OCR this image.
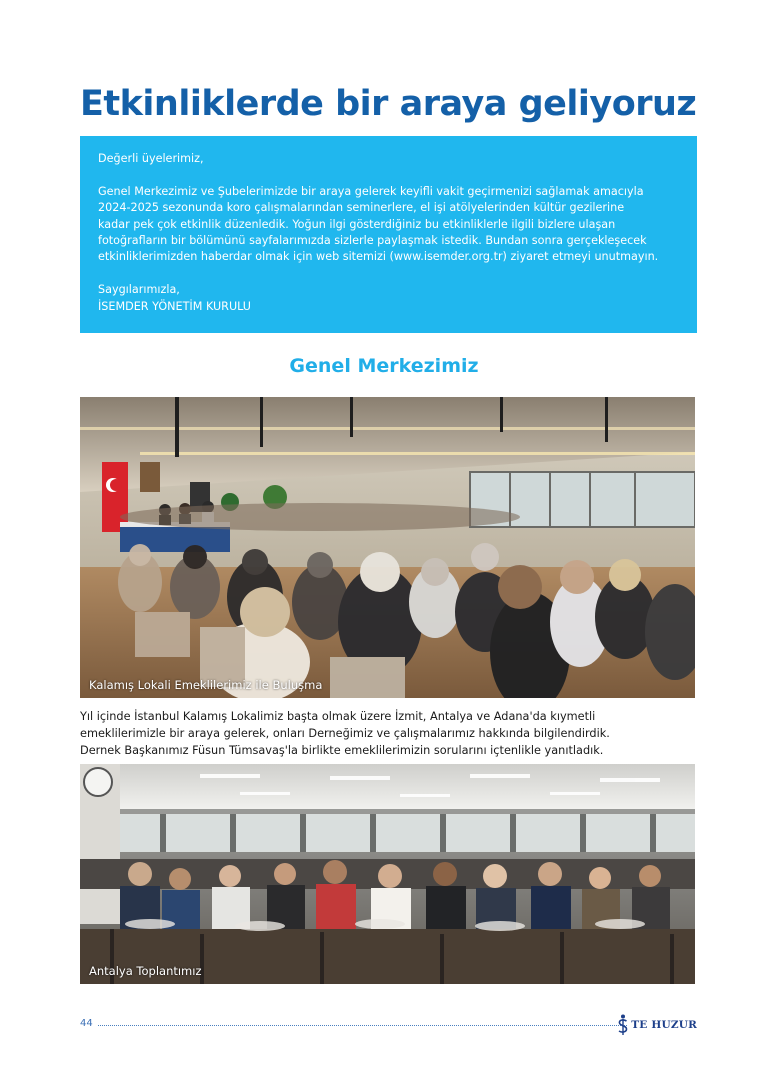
Etkinliklerde bir araya geliyoruz

Değerli üyelerimiz,

Genel Merkezimiz ve Şubelerimizde bir araya gelerek keyifli vakit geçirmenizi sağlamak amacıyla

2024-2025 sezonunda koro çalışmalarından seminerlere, el işi atölyelerinden kültür gezilerine

kadar pek çok etkinlik düzenledik. Yoğun ilgi gösterdiğiniz bu etkinliklerle ilgili bizlere ulaşan

fotoğrafların bir bölümünü sayfalarımızda sizlerle paylaşmak istedik. Bundan sonra gerçekleşecek

etkinliklerimizden haberdar olmak için web sitemizi (www.isemder.org.tr) ziyaret etmeyi unutmayın.

Saygılarımızla,

İSEMDER YÖNETİM KURULU

Genel Merkezimiz
Kalamış Lokali Emeklilerimiz ile Buluşma

Yıl içinde İstanbul Kalamış Lokalimiz başta olmak üzere İzmit, Antalya ve Adana'da kıymetli
emeklilerimizle bir araya gelerek, onları Derneğimiz ve çalışmalarımız hakkında bilgilendirdik.
Dernek Başkanımız Füsun Tümsavaş'la birlikte emeklilerimizin sorularını içtenlikle yanıtladık.

Antalya Toplantımız
44	TE HUZUR
